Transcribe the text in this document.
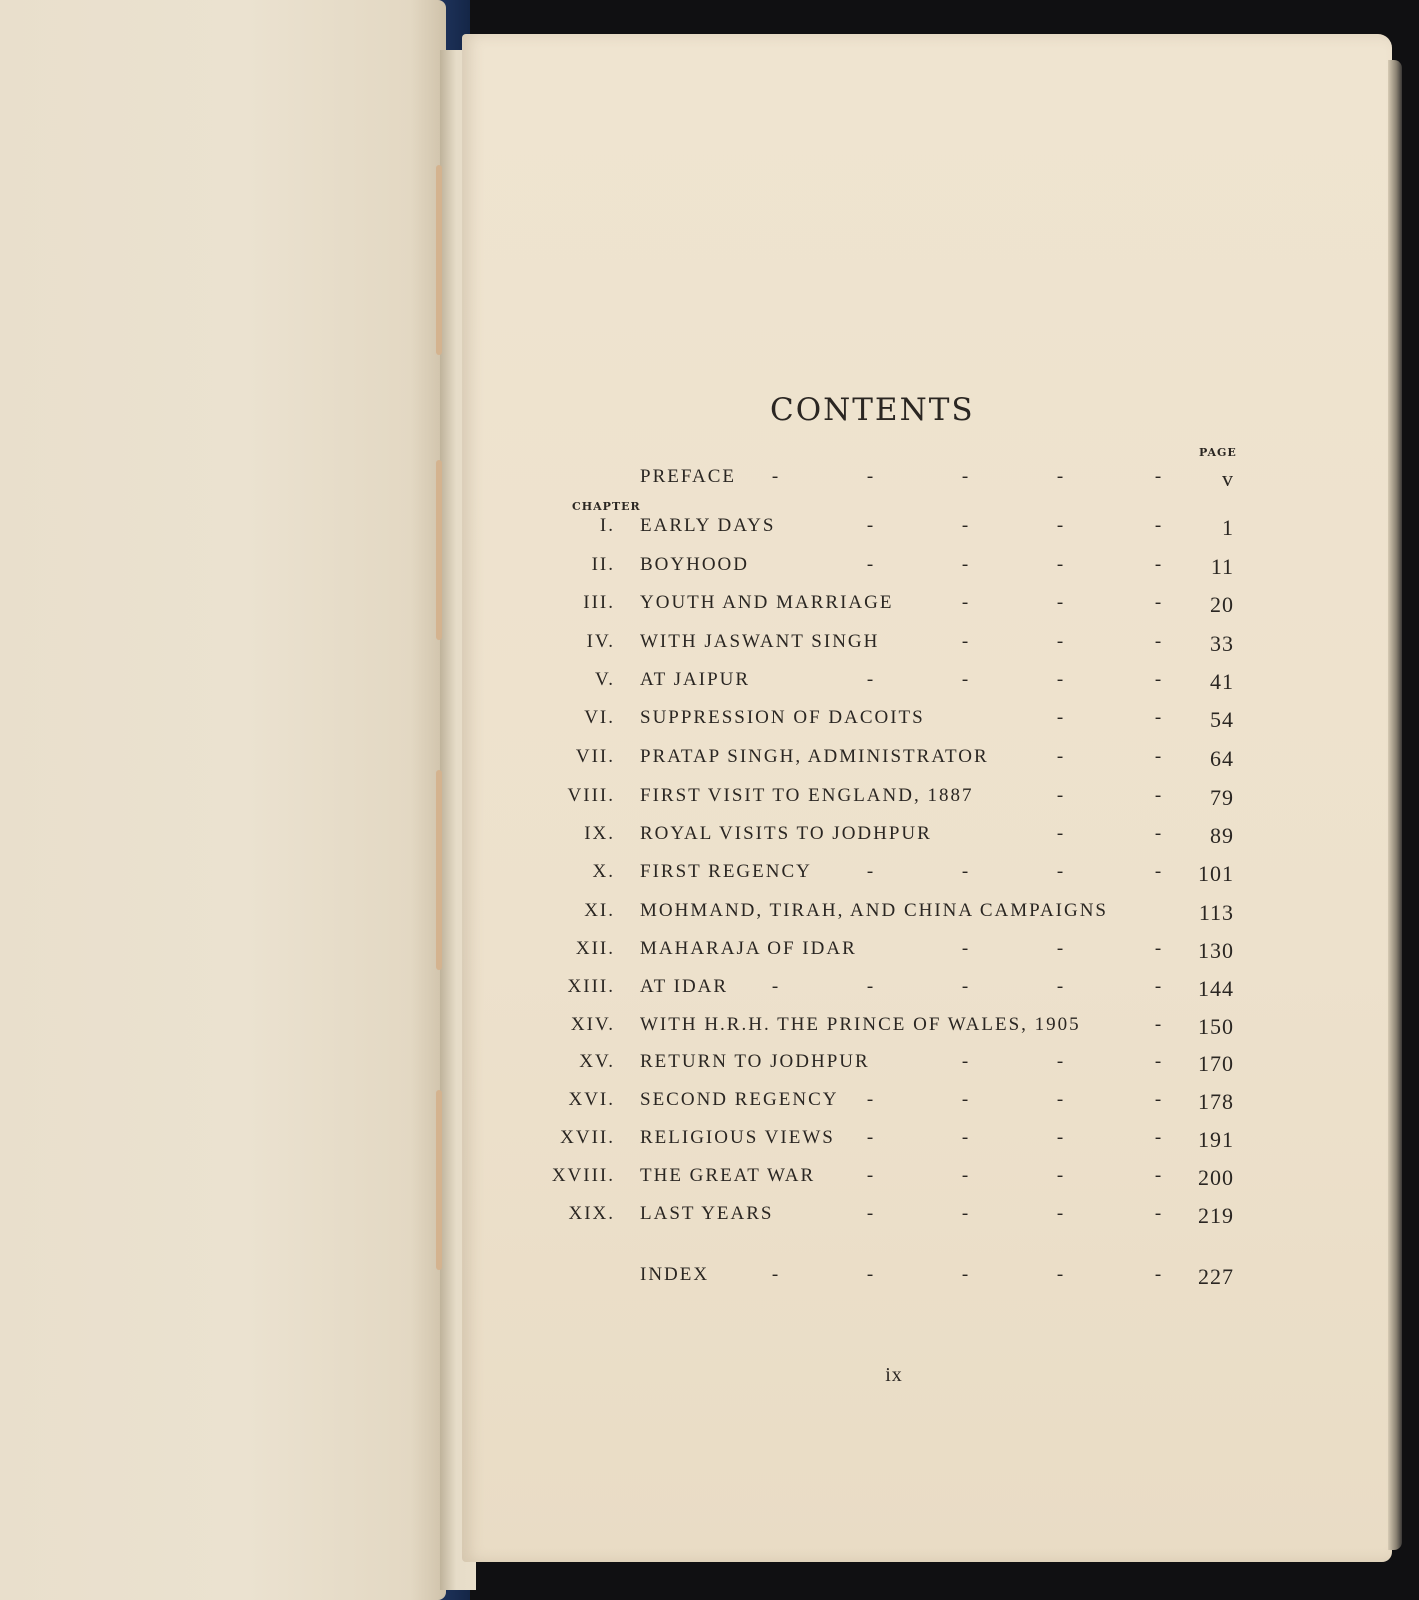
CONTENTS
PAGE
CHAPTER
PREFACE -	-	-	-	-	v
I. EARLY DAYS	-	-	-	-	1
II. BOYHOOD	-	-	-	- 11
III. YOUTH AND MARRIAGE	-	-	- 20
IV. WITH JASWANT SINGH	-	-	- 33
V. AT JAIPUR	-	-	-	- 41
VI. SUPPRESSION OF DACOITS	-	- 54
VII. PRATAP SINGH, ADMINISTRATOR	-	- 64
VIII. FIRST VISIT TO ENGLAND, 1887	-	- 79
IX. ROYAL VISITS TO JODHPUR	-	- 89
X. FIRST REGENCY	-	-	-	- 101
XI. MOHMAND, TIRAH, AND CHINA CAMPAIGNS	113
XII. MAHARAJA OF IDAR	-	-	- 130
XIII. AT IDAR -	-	-	-	- 144
XIV. WITH H.R.H. THE PRINCE OF WALES, 1905	- 150
XV. RETURN TO JODHPUR	-	-	- 170
XVI. SECOND REGENCY -	-	-	- 178
XVII. RELIGIOUS VIEWS -	-	-	- 191
XVIII. THE GREAT WAR	-	-	-	- 200
XIX. LAST YEARS	-	-	-	- 219
INDEX	-	-	-	-	- 227
ix
